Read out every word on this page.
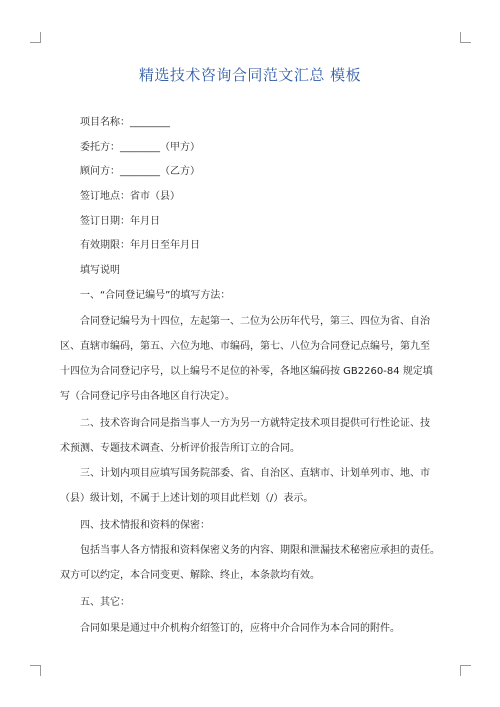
精选技术咨询合同范文汇总 模板
项目名称：________
委托方：________（甲方）
顾问方：________（乙方）
签订地点：省市（县）
签订日期：年月日
有效期限：年月日至年月日
填写说明
一、“合同登记编号”的填写方法：
合同登记编号为十四位，左起第一、二位为公历年代号，第三、四位为省、自治
区、直辖市编码，第五、六位为地、市编码，第七、八位为合同登记点编号，第九至
十四位为合同登记序号，以上编号不足位的补零，各地区编码按 GB2260-84 规定填
写（合同登记序号由各地区自行决定）。
二、技术咨询合同是指当事人一方为另一方就特定技术项目提供可行性论证、技
术预测、专题技术调查、分析评价报告所订立的合同。
三、计划内项目应填写国务院部委、省、自治区、直辖市、计划单列市、地、市
（县）级计划，不属于上述计划的项目此栏划（/）表示。
四、技术情报和资料的保密：
包括当事人各方情报和资料保密义务的内容、期限和泄漏技术秘密应承担的责任。
双方可以约定，本合同变更、解除、终止，本条款均有效。
五、其它：
合同如果是通过中介机构介绍签订的，应将中介合同作为本合同的附件。
